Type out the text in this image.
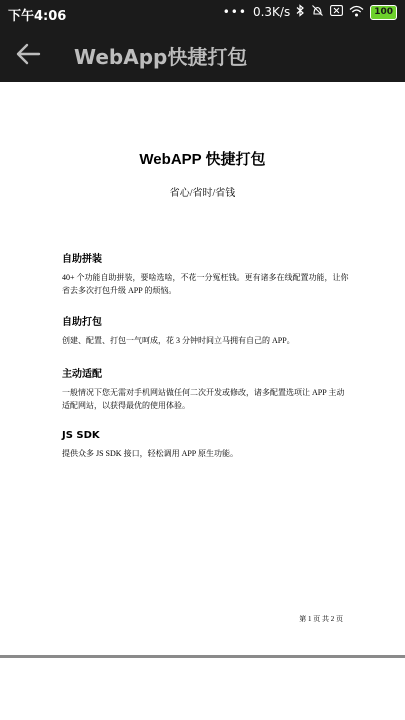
下午4:06	••• 0.3K/s	100
WebApp快捷打包
WebAPP 快捷打包
省心/省时/省钱
自助拼装

40+ 个功能自助拼装，要啥选啥，不花一分冤枉钱。更有诸多在线配置功能，让你省去多次打包升级 APP 的烦恼。

自助打包

创建、配置、打包一气呵成，花 3 分钟时间立马拥有自己的 APP。

主动适配

一般情况下您无需对手机网站做任何二次开发或修改，诸多配置选项让 APP 主动适配网站，以获得最优的使用体验。

JS SDK

提供众多 JS SDK 接口，轻松调用 APP 原生功能。

第 1 页 共 2 页
